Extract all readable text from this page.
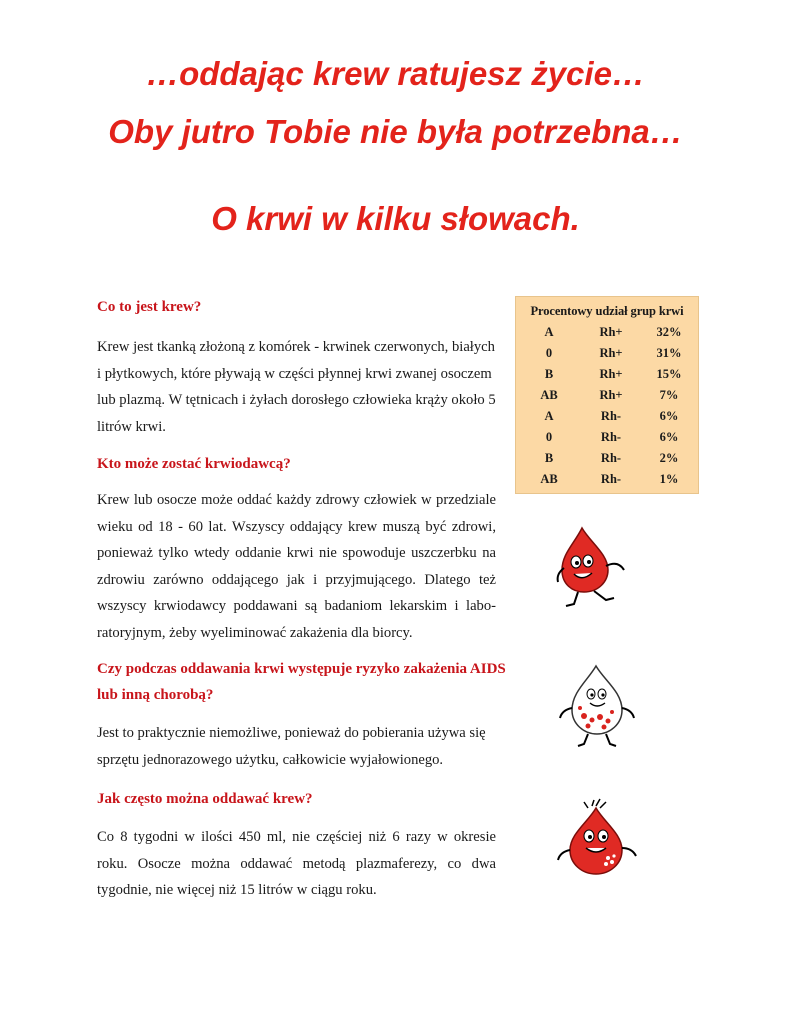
…oddając krew ratujesz życie…
Oby jutro Tobie nie była potrzebna…
O krwi w kilku słowach.

Co to jest krew?

Krew jest tkanką złożoną z komórek - krwinek czerwonych, białych i płytkowych, które pływają w części płynnej krwi zwanej osoczem lub plazmą. W tętnicach i żyłach dorosłego człowieka krąży około 5 litrów krwi.

Kto może zostać krwiodawcą?

Krew lub osocze może oddać każdy zdrowy człowiek w przedziale wieku od 18 - 60 lat. Wszyscy oddający krew muszą być zdrowi, ponieważ tylko wtedy oddanie krwi nie spowoduje uszczerbku na zdrowiu zarówno oddającego jak i przyjmującego. Dlatego też wszyscy krwiodawcy poddawani są badaniom lekarskim i labo-ratoryjnym, żeby wyeliminować zakażenia dla biorcy.

Czy podczas oddawania krwi występuje ryzyko zakażenia AIDS lub inną chorobą?

Jest to praktycznie niemożliwe, ponieważ do pobierania używa się sprzętu jednorazowego użytku, całkowicie wyjałowionego.

Jak często można oddawać krew?

Co 8 tygodni w ilości 450 ml, nie częściej niż 6 razy w okresie roku. Osocze można oddawać metodą plazmaferezy, co dwa tygodnie, nie więcej niż 15 litrów w ciągu roku.

Procentowy udział grup krwi
A	Rh+	32%
0	Rh+	31%
B	Rh+	15%
AB	Rh+	7%
A	Rh-	6%
0	Rh-	6%
B	Rh-	2%
AB	Rh-	1%
